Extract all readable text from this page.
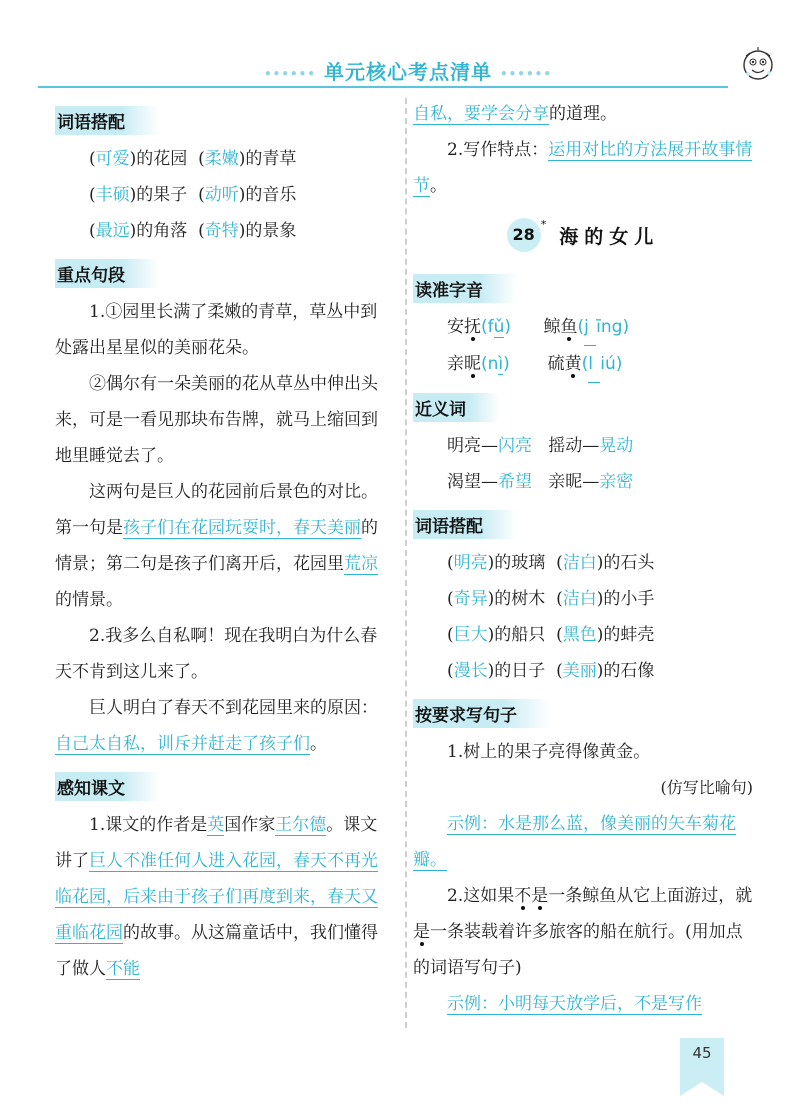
•••••• 单元核心考点清单 ••••••
词语搭配
(可爱)的花园 (柔嫩)的青草
(丰硕)的果子 (动听)的音乐
(最远)的角落 (奇特)的景象
重点句段
1.①园里长满了柔嫩的青草，草丛中到处露出星星似的美丽花朵。
②偶尔有一朵美丽的花从草丛中伸出头来，可是一看见那块布告牌，就马上缩回到地里睡觉去了。
这两句是巨人的花园前后景色的对比。第一句是孩子们在花园玩耍时，春天美丽的情景；第二句是孩子们离开后，花园里荒凉的情景。
2.我多么自私啊！现在我明白为什么春天不肯到这儿来了。
巨人明白了春天不到花园里来的原因：自己太自私，训斥并赶走了孩子们。
感知课文
1.课文的作者是英国作家王尔德。课文讲了巨人不准任何人进入花园，春天不再光临花园，后来由于孩子们再度到来，春天又重临花园的故事。从这篇童话中，我们懂得了做人不能
自私，要学会分享的道理。
2.写作特点：运用对比的方法展开故事情节。
28* 海的女儿
读准字音
安抚(fǔ) 鲸鱼(j īng)
亲昵(nì) 硫黄(l iú)
近义词
明亮—闪亮 摇动—晃动
渴望—希望 亲昵—亲密
词语搭配
(明亮)的玻璃 (洁白)的石头
(奇异)的树木 (洁白)的小手
(巨大)的船只 (黑色)的蚌壳
(漫长)的日子 (美丽)的石像
按要求写句子
1.树上的果子亮得像黄金。
(仿写比喻句)
示例：水是那么蓝，像美丽的矢车菊花瓣。
2.这如果不是一条鲸鱼从它上面游过，就是一条装载着许多旅客的船在航行。(用加点的词语写句子)
示例：小明每天放学后，不是写作
45
